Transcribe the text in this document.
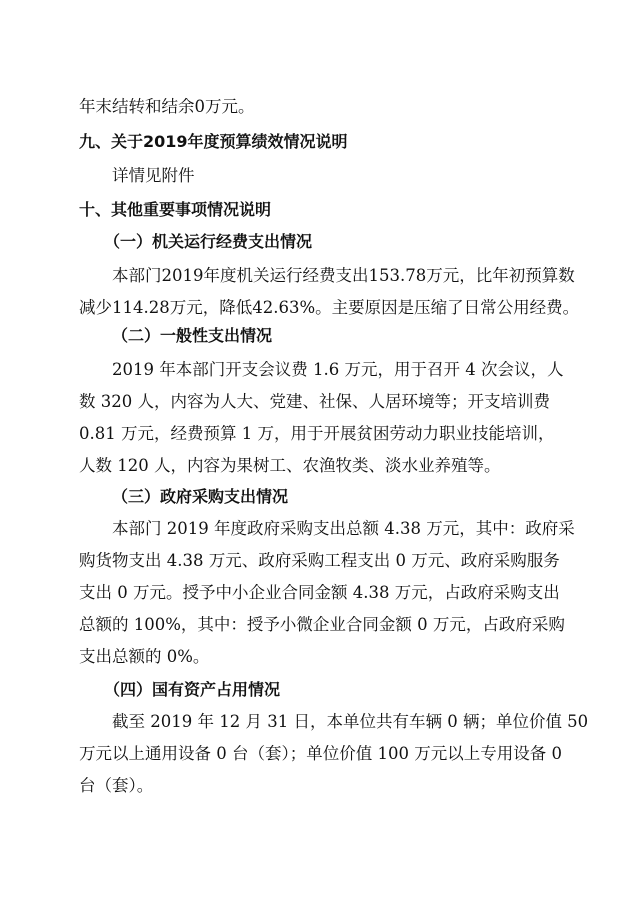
年末结转和结余0万元。
九、关于2019年度预算绩效情况说明
详情见附件
十、其他重要事项情况说明
（一）机关运行经费支出情况
本部门2019年度机关运行经费支出153.78万元，比年初预算数
减少114.28万元，降低42.63%。主要原因是压缩了日常公用经费。
（二）一般性支出情况
2019 年本部门开支会议费 1.6 万元，用于召开 4 次会议，人
数 320 人，内容为人大、党建、社保、人居环境等；开支培训费
0.81 万元，经费预算 1 万，用于开展贫困劳动力职业技能培训，
人数 120 人，内容为果树工、农渔牧类、淡水业养殖等。
（三）政府采购支出情况
本部门 2019 年度政府采购支出总额 4.38 万元，其中：政府采
购货物支出 4.38 万元、政府采购工程支出 0 万元、政府采购服务
支出 0 万元。授予中小企业合同金额 4.38 万元，占政府采购支出
总额的 100%，其中：授予小微企业合同金额 0 万元，占政府采购
支出总额的 0%。
（四）国有资产占用情况
截至 2019 年 12 月 31 日，本单位共有车辆 0 辆；单位价值 50
万元以上通用设备 0 台（套）；单位价值 100 万元以上专用设备 0
台（套）。
